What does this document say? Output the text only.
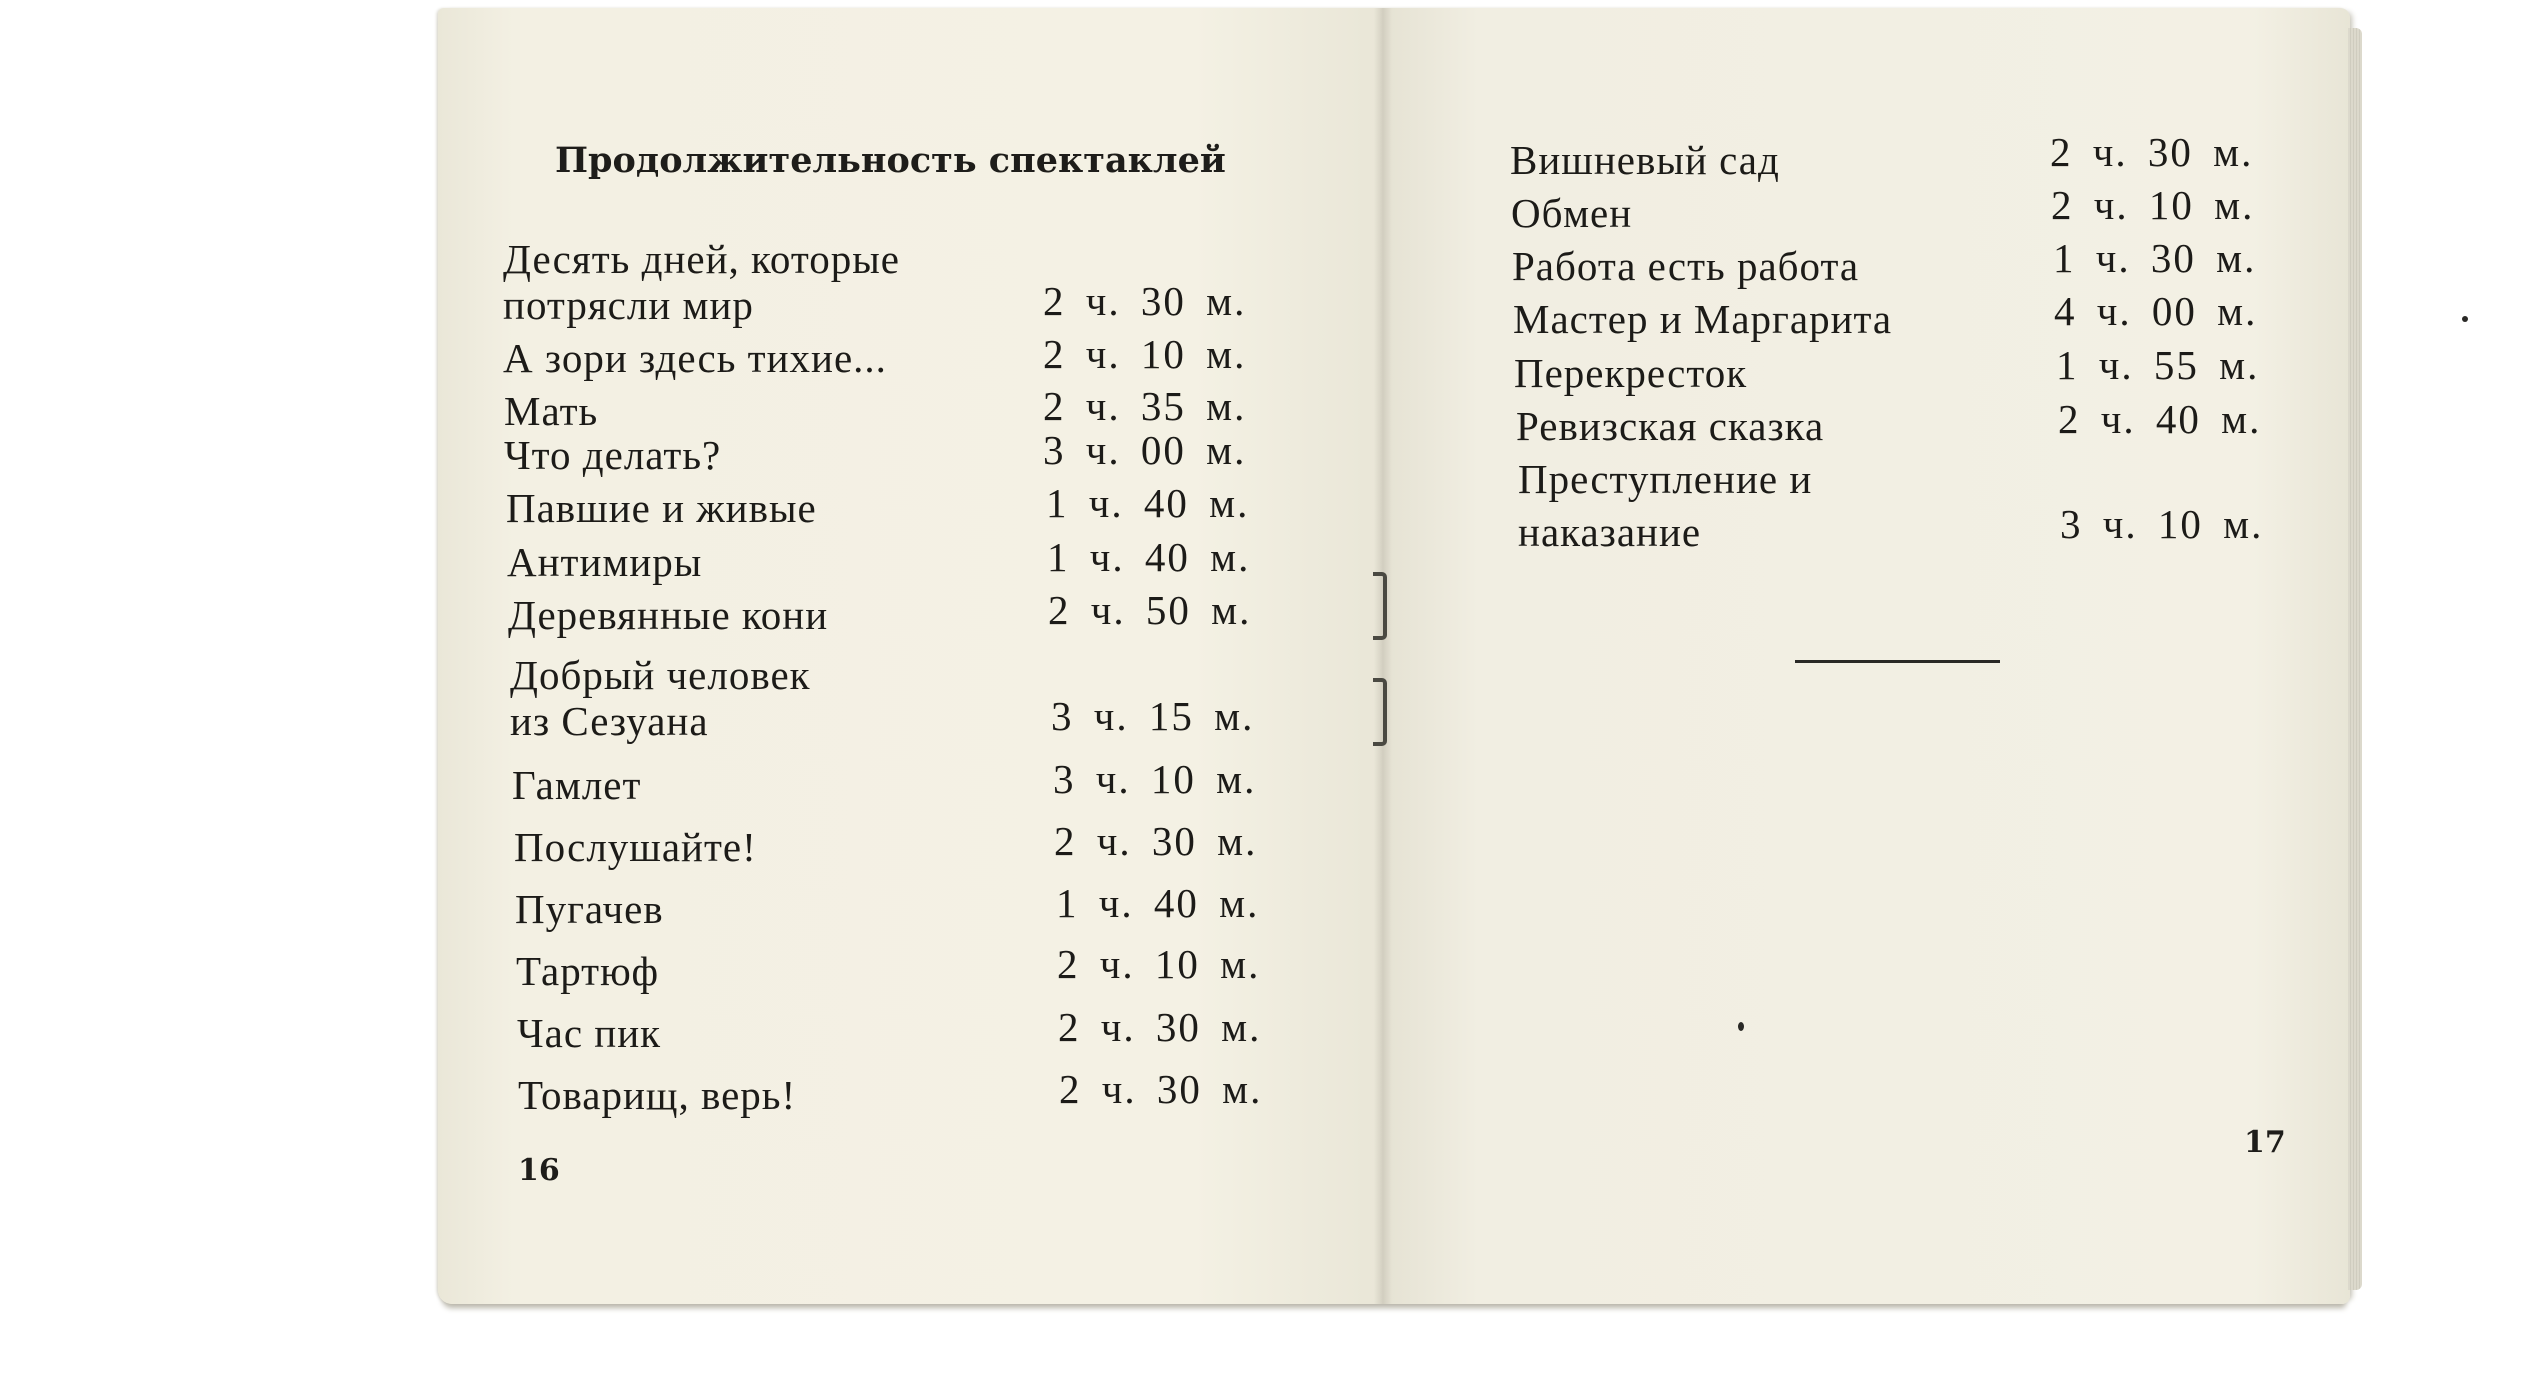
Продолжительность спектаклей
Десять дней, которые
потрясли мир	2 ч. 30 м.
А зори здесь тихие...	2 ч. 10 м.
Мать	2 ч. 35 м.
Что делать?	3 ч. 00 м.
Павшие и живые	1 ч. 40 м.
Антимиры	1 ч. 40 м.
Деревянные кони	2 ч. 50 м.
Добрый человек
из Сезуана	3 ч. 15 м.
Гамлет	3 ч. 10 м.
Послушайте!	2 ч. 30 м.
Пугачев	1 ч. 40 м.
Тартюф	2 ч. 10 м.
Час пик	2 ч. 30 м.
Товарищ, верь!	2 ч. 30 м.
16
Вишневый сад	2 ч. 30 м.
Обмен	2 ч. 10 м.
Работа есть работа	1 ч. 30 м.
Мастер и Маргарита	4 ч. 00 м.
Перекресток	1 ч. 55 м.
Ревизская сказка	2 ч. 40 м.
Преступление и
наказание	3 ч. 10 м.
17
